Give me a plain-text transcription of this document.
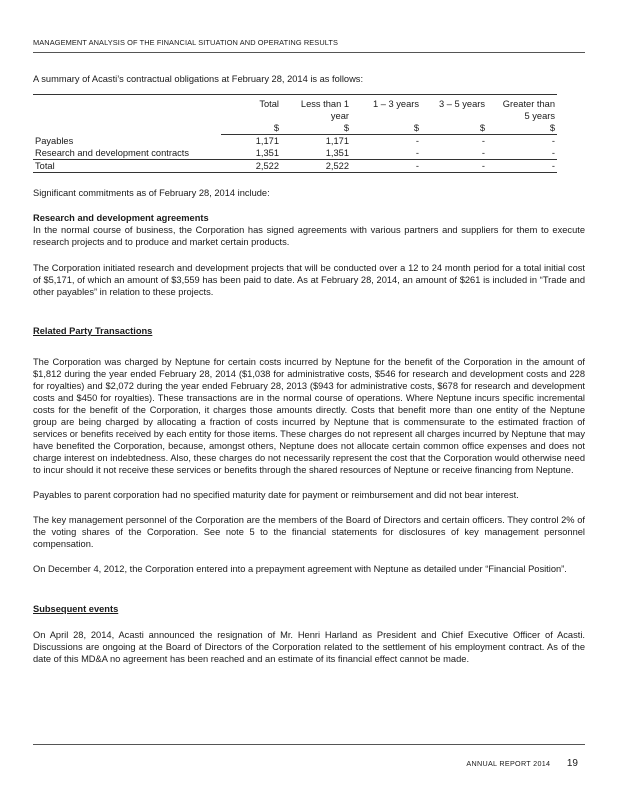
MANAGEMENT ANALYSIS OF THE FINANCIAL SITUATION AND OPERATING RESULTS

A summary of Acasti’s contractual obligations at February 28, 2014 is as follows:

	Total	Less than 1	1 – 3 years	3 – 5 years	Greater than
		year			5 years
	$	$	$	$	$
Payables	1,171	1,171	-	-	-
Research and development contracts	1,351	1,351	-	-	-
Total	2,522	2,522	-	-	-

Significant commitments as of February 28, 2014 include:

Research and development agreements

In the normal course of business, the Corporation has signed agreements with various partners and suppliers for them to execute research projects and to produce and market certain products.

The Corporation initiated research and development projects that will be conducted over a 12 to 24 month period for a total initial cost of $5,171, of which an amount of $3,559 has been paid to date. As at February 28, 2014, an amount of $261 is included in “Trade and other payables” in relation to these projects.

Related Party Transactions

The Corporation was charged by Neptune for certain costs incurred by Neptune for the benefit of the Corporation in the amount of $1,812 during the year ended February 28, 2014 ($1,038 for administrative costs, $546 for research and development costs and 228 for royalties) and $2,072 during the year ended February 28, 2013 ($943 for administrative costs, $678 for research and development costs and $450 for royalties). These transactions are in the normal course of operations. Where Neptune incurs specific incremental costs for the benefit of the Corporation, it charges those amounts directly. Costs that benefit more than one entity of the Neptune group are being charged by allocating a fraction of costs incurred by Neptune that is commensurate to the estimated fraction of services or benefits received by each entity for those items. These charges do not represent all charges incurred by Neptune that may have benefited the Corporation, because, amongst others, Neptune does not allocate certain common office expenses and does not charge interest on indebtedness. Also, these charges do not necessarily represent the cost that the Corporation would otherwise need to incur should it not receive these services or benefits through the shared resources of Neptune or receive financing from Neptune.

Payables to parent corporation had no specified maturity date for payment or reimbursement and did not bear interest.

The key management personnel of the Corporation are the members of the Board of Directors and certain officers. They control 2% of the voting shares of the Corporation. See note 5 to the financial statements for disclosures of key management personnel compensation.

On December 4, 2012, the Corporation entered into a prepayment agreement with Neptune as detailed under “Financial Position”.

Subsequent events

On April 28, 2014, Acasti announced the resignation of Mr. Henri Harland as President and Chief Executive Officer of Acasti. Discussions are ongoing at the Board of Directors of the Corporation related to the settlement of his employment contract. As of the date of this MD&A no agreement has been reached and an estimate of its financial effect cannot be made.

ANNUAL REPORT 2014 19
